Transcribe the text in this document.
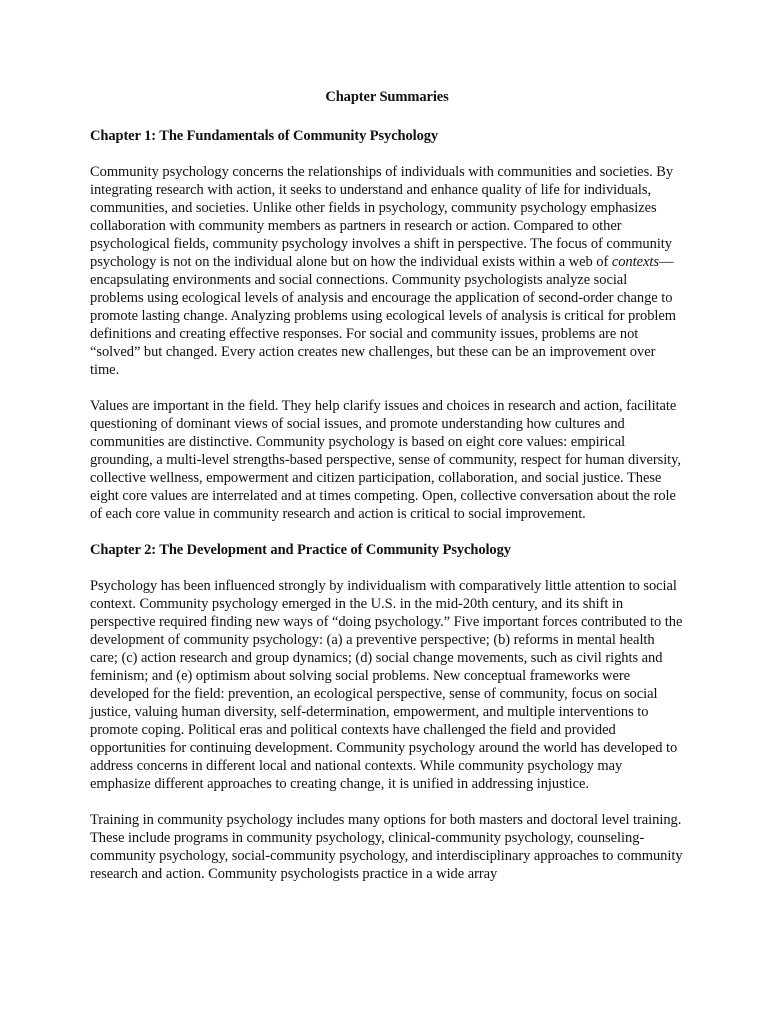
Chapter Summaries
Chapter 1: The Fundamentals of Community Psychology

Community psychology concerns the relationships of individuals with communities and societies. By integrating research with action, it seeks to understand and enhance quality of life for individuals, communities, and societies. Unlike other fields in psychology, community psychology emphasizes collaboration with community members as partners in research or action. Compared to other psychological fields, community psychology involves a shift in perspective. The focus of community psychology is not on the individual alone but on how the individual exists within a web of contexts—encapsulating environments and social connections. Community psychologists analyze social problems using ecological levels of analysis and encourage the application of second-order change to promote lasting change. Analyzing problems using ecological levels of analysis is critical for problem definitions and creating effective responses. For social and community issues, problems are not “solved” but changed. Every action creates new challenges, but these can be an improvement over time.

Values are important in the field. They help clarify issues and choices in research and action, facilitate questioning of dominant views of social issues, and promote understanding how cultures and communities are distinctive. Community psychology is based on eight core values: empirical grounding, a multi-level strengths-based perspective, sense of community, respect for human diversity, collective wellness, empowerment and citizen participation, collaboration, and social justice. These eight core values are interrelated and at times competing. Open, collective conversation about the role of each core value in community research and action is critical to social improvement.

Chapter 2: The Development and Practice of Community Psychology

Psychology has been influenced strongly by individualism with comparatively little attention to social context. Community psychology emerged in the U.S. in the mid-20th century, and its shift in perspective required finding new ways of “doing psychology.” Five important forces contributed to the development of community psychology: (a) a preventive perspective; (b) reforms in mental health care; (c) action research and group dynamics; (d) social change movements, such as civil rights and feminism; and (e) optimism about solving social problems. New conceptual frameworks were developed for the field: prevention, an ecological perspective, sense of community, focus on social justice, valuing human diversity, self-determination, empowerment, and multiple interventions to promote coping. Political eras and political contexts have challenged the field and provided opportunities for continuing development. Community psychology around the world has developed to address concerns in different local and national contexts. While community psychology may emphasize different approaches to creating change, it is unified in addressing injustice.

Training in community psychology includes many options for both masters and doctoral level training. These include programs in community psychology, clinical-community psychology, counseling-community psychology, social-community psychology, and interdisciplinary approaches to community research and action. Community psychologists practice in a wide array
